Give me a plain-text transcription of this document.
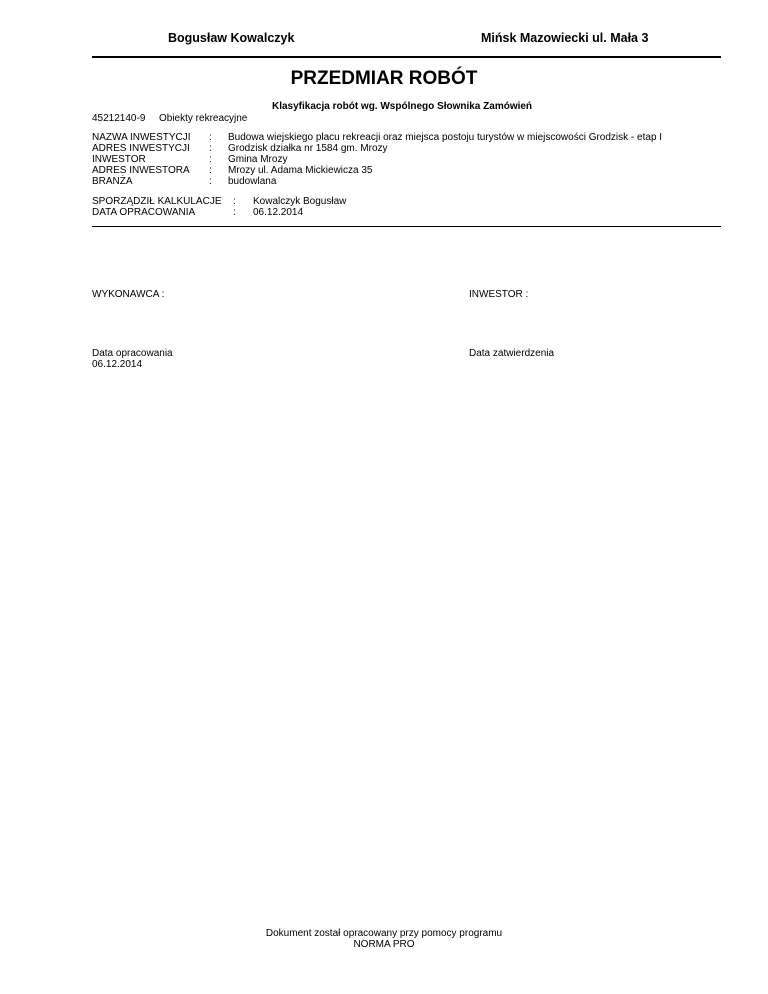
Bogusław Kowalczyk	Mińsk Mazowiecki ul. Mała 3
PRZEDMIAR ROBÓT
Klasyfikacja robót wg. Wspólnego Słownika Zamówień
45212140-9 Obiekty rekreacyjne
NAZWA INWESTYCJI : Budowa wiejskiego placu rekreacji oraz miejsca postoju turystów w miejscowości Grodzisk - etap I
ADRES INWESTYCJI : Grodzisk działka nr 1584 gm. Mrozy
INWESTOR	: Gmina Mrozy
ADRES INWESTORA : Mrozy ul. Adama Mickiewicza 35
BRANŻA	: budowlana
SPORZĄDZIŁ KALKULACJE : Kowalczyk Bogusław
DATA OPRACOWANIA	: 06.12.2014
WYKONAWCA :	INWESTOR :
Data opracowania
06.12.2014
Data zatwierdzenia
Dokument został opracowany przy pomocy programu
NORMA PRO
